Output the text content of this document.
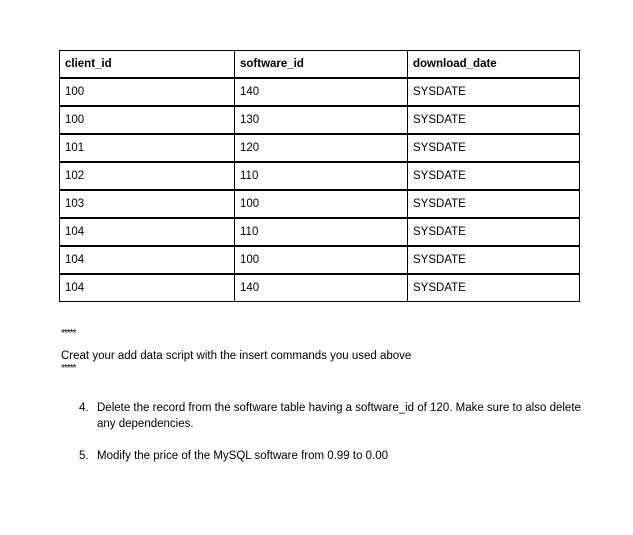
client_id	software_id	download_date
100	140	SYSDATE
100	130	SYSDATE
101	120	SYSDATE
102	110	SYSDATE
103	100	SYSDATE
104	110	SYSDATE
104	100	SYSDATE
104	140	SYSDATE
*****
Creat your add data script with the insert commands you used above
*****
4. Delete the record from the software table having a software_id of 120. Make sure to also delete any dependencies.
5. Modify the price of the MySQL software from 0.99 to 0.00
